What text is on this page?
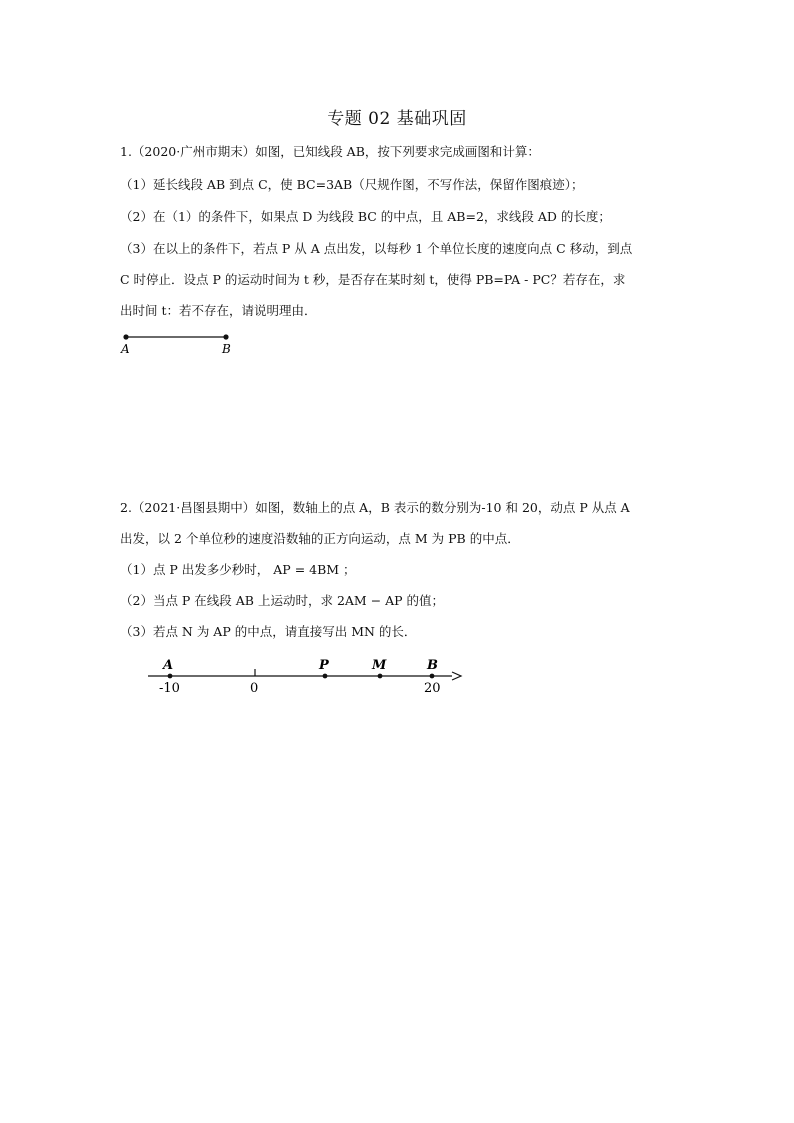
专题 02 基础巩固
1.（2020·广州市期末）如图，已知线段 AB，按下列要求完成画图和计算：
（1）延长线段 AB 到点 C，使 BC=3AB（尺规作图，不写作法，保留作图痕迹）；
（2）在（1）的条件下，如果点 D 为线段 BC 的中点，且 AB=2，求线段 AD 的长度；
（3）在以上的条件下，若点 P 从 A 点出发，以每秒 1 个单位长度的速度向点 C 移动，到点
C 时停止．设点 P 的运动时间为 t 秒，是否存在某时刻 t，使得 PB=PA - PC？若存在，求
出时间 t：若不存在，请说明理由．
A	B
2.（2021·昌图县期中）如图，数轴上的点 A，B 表示的数分别为-10 和 20，动点 P 从点 A
出发，以 2 个单位秒的速度沿数轴的正方向运动，点 M 为 PB 的中点．
（1）点 P 出发多少秒时， AP = 4BM ；
（2）当点 P 在线段 AB 上运动时，求 2AM − AP 的值；
（3）若点 N 为 AP 的中点，请直接写出 MN 的长．
A	P	M	B
-10	0	20
